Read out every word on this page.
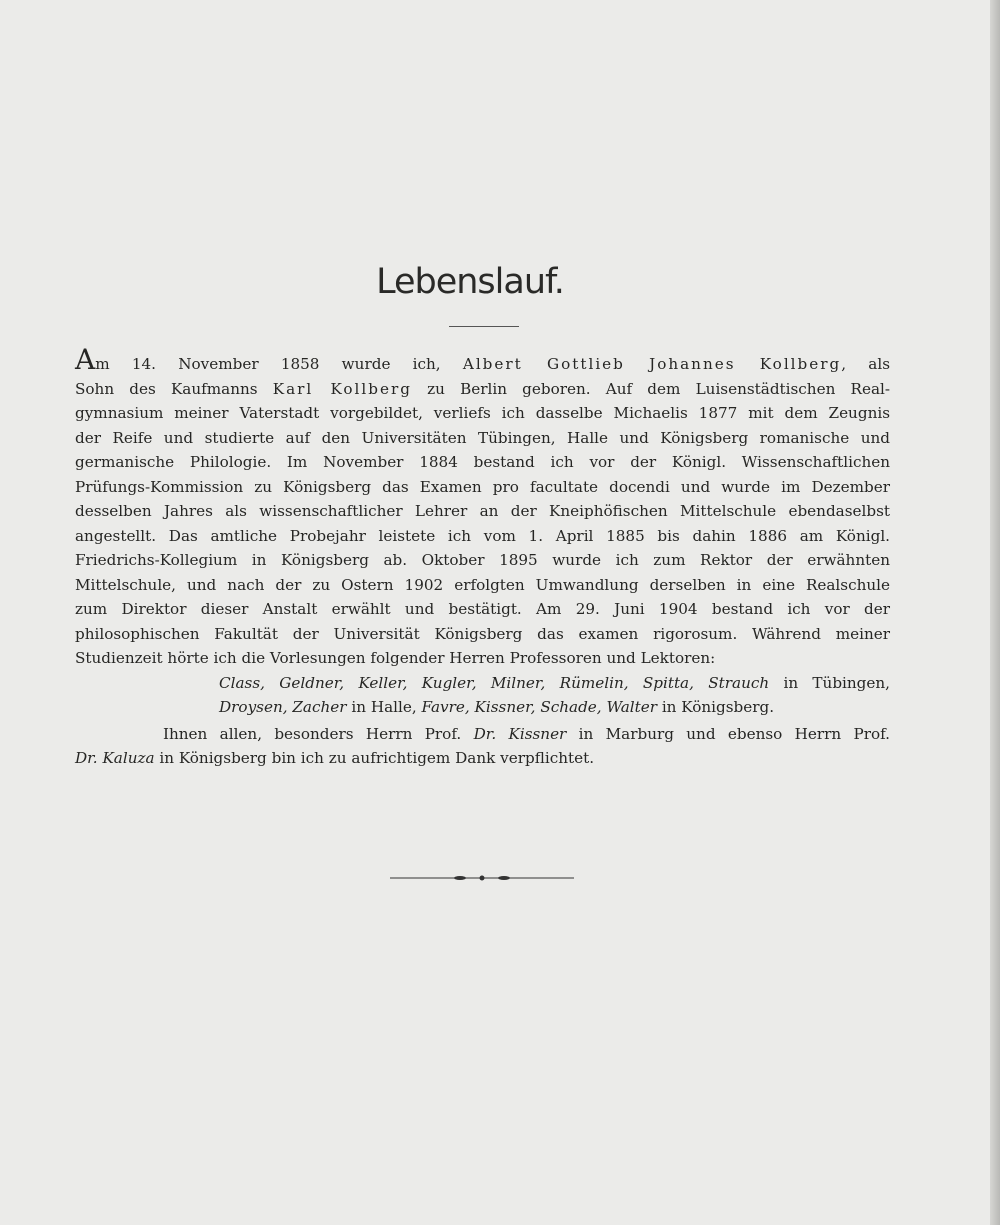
Lebenslauf.
Am 14. November 1858 wurde ich, Albert Gottlieb Johannes Kollberg, als
Sohn des Kaufmanns Karl Kollberg zu Berlin geboren. Auf dem Luisenstädtischen Real-
gymnasium meiner Vaterstadt vorgebildet, verliefs ich dasselbe Michaelis 1877 mit dem Zeugnis
der Reife und studierte auf den Universitäten Tübingen, Halle und Königsberg romanische und
germanische Philologie. Im November 1884 bestand ich vor der Königl. Wissenschaftlichen
Prüfungs-Kommission zu Königsberg das Examen pro facultate docendi und wurde im Dezember
desselben Jahres als wissenschaftlicher Lehrer an der Kneiphöfischen Mittelschule ebendaselbst
angestellt. Das amtliche Probejahr leistete ich vom 1. April 1885 bis dahin 1886 am Königl.
Friedrichs-Kollegium in Königsberg ab. Oktober 1895 wurde ich zum Rektor der erwähnten
Mittelschule, und nach der zu Ostern 1902 erfolgten Umwandlung derselben in eine Realschule
zum Direktor dieser Anstalt erwählt und bestätigt. Am 29. Juni 1904 bestand ich vor der
philosophischen Fakultät der Universität Königsberg das examen rigorosum. Während meiner
Studienzeit hörte ich die Vorlesungen folgender Herren Professoren und Lektoren:
Class, Geldner, Keller, Kugler, Milner, Rümelin, Spitta, Strauch in Tübingen,
Droysen, Zacher in Halle, Favre, Kissner, Schade, Walter in Königsberg.
Ihnen allen, besonders Herrn Prof. Dr. Kissner in Marburg und ebenso Herrn Prof.
Dr. Kaluza in Königsberg bin ich zu aufrichtigem Dank verpflichtet.
